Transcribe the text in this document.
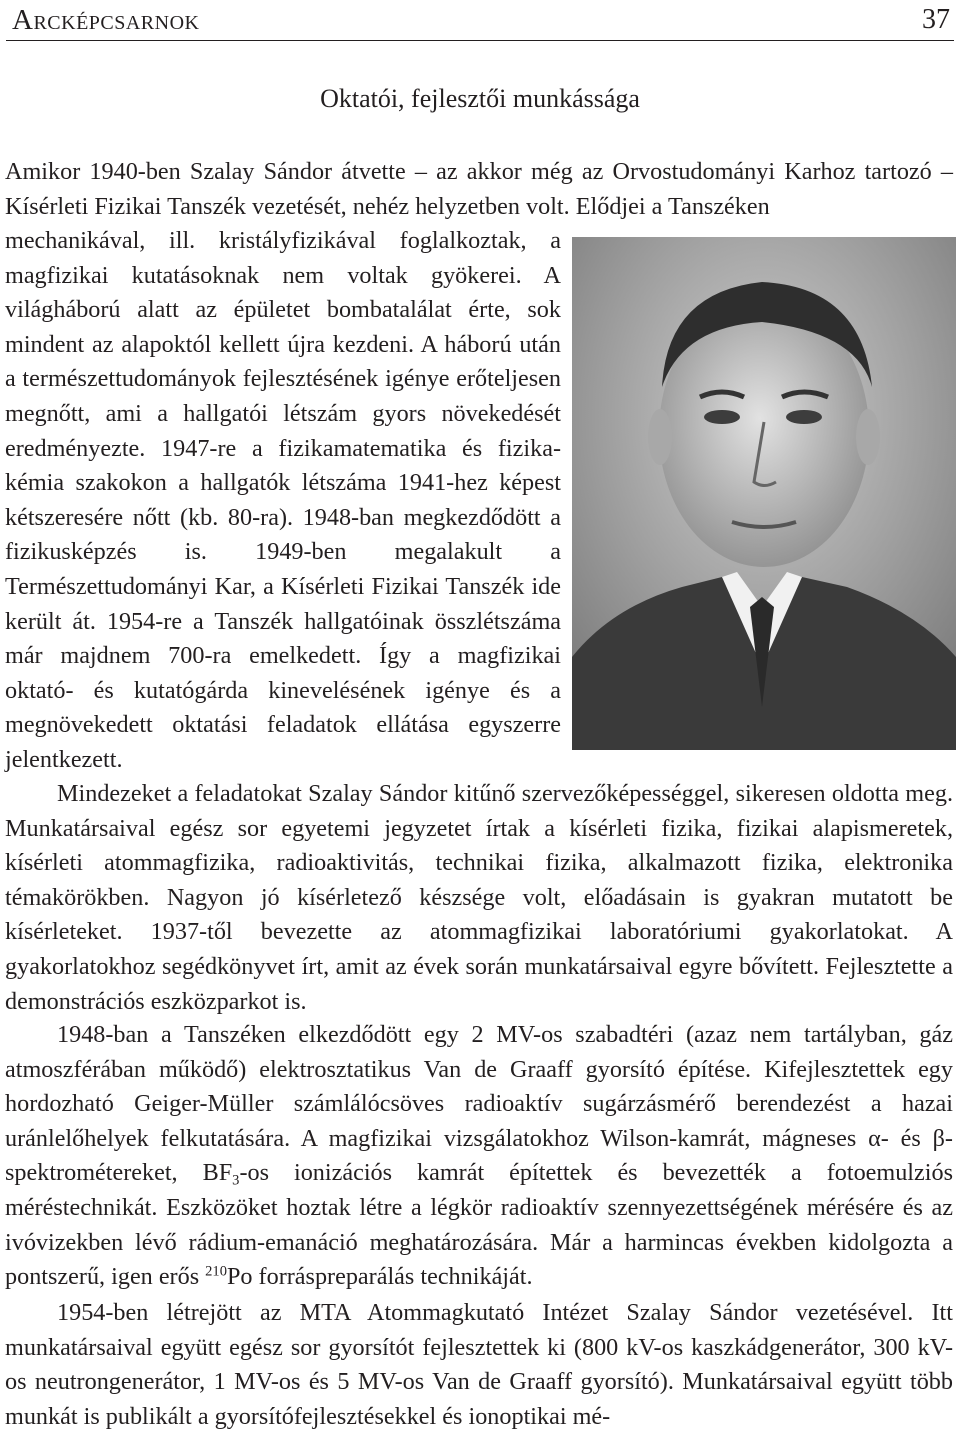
Arcképcsarnok	37
Oktatói, fejlesztői munkássága

Amikor 1940-ben Szalay Sándor átvette – az akkor még az Orvostudományi Karhoz tartozó – Kísérleti Fizikai Tanszék vezetését, nehéz helyzetben volt. Elődjei a Tanszéken

mechanikával, ill. kristályfizikával foglalkoztak, a magfizikai kutatásoknak nem voltak gyökerei. A világháború alatt az épületet bombatalálat érte, sok mindent az alapoktól kellett újra kezdeni. A háború után a természettudományok fejlesztésének igénye erőteljesen megnőtt, ami a hallgatói létszám gyors növekedését eredményezte. 1947-re a fizikamatematika és fizika-kémia szakokon a hallgatók létszáma 1941-hez képest kétszeresére nőtt (kb. 80-ra). 1948-ban megkezdődött a fizikusképzés is. 1949-ben megalakult a Természettudományi Kar, a Kísérleti Fizikai Tanszék ide került át. 1954-re a Tanszék hallgatóinak összlétszáma már majdnem 700-ra emelkedett. Így a magfizikai oktató- és kutatógárda kinevelésének igénye és a megnövekedett oktatási feladatok ellátása egyszerre jelentkezett.

Mindezeket a feladatokat Szalay Sándor kitűnő szervezőképességgel, sikeresen oldotta meg. Munkatársaival egész sor egyetemi jegyzetet írtak a kísérleti fizika, fizikai alapismeretek, kísérleti atommagfizika, radioaktivitás, technikai fizika, alkalmazott fizika, elektronika témakörökben. Nagyon jó kísérletező készsége volt, előadásain is gyakran mutatott be kísérleteket. 1937-től bevezette az atommagfizikai laboratóriumi gyakorlatokat. A gyakorlatokhoz segédkönyvet írt, amit az évek során munkatársaival egyre bővített. Fejlesztette a demonstrációs eszközparkot is.

1948-ban a Tanszéken elkezdődött egy 2 MV-os szabadtéri (azaz nem tartályban, gáz atmoszférában működő) elektrosztatikus Van de Graaff gyorsító építése. Kifejlesztettek egy hordozható Geiger-Müller számlálócsöves radioaktív sugárzásmérő berendezést a hazai uránlelőhelyek felkutatására. A magfizikai vizsgálatokhoz Wilson-kamrát, mágneses α- és β-spektrométereket, $BF_3-os$ ionizációs kamrát építettek és bevezették a fotoemulziós méréstechnikát. Eszközöket hoztak létre a légkör radioaktív szennyezettségének mérésére és az ivóvizekben lévő rádium-emanáció meghatározására. Már a harmincas években kidolgozta a pontszerű, igen erős $^{210}$Po forráspreparálás technikáját.

1954-ben létrejött az MTA Atommagkutató Intézet Szalay Sándor vezetésével. Itt munkatársaival együtt egész sor gyorsítót fejlesztettek ki (800 kV-os kaszkádgenerátor, 300 kV-os neutrongenerátor, 1 MV-os és 5 MV-os Van de Graaff gyorsító). Munkatársaival együtt több munkát is publikált a gyorsítófejlesztésekkel és ionoptikai mé-
